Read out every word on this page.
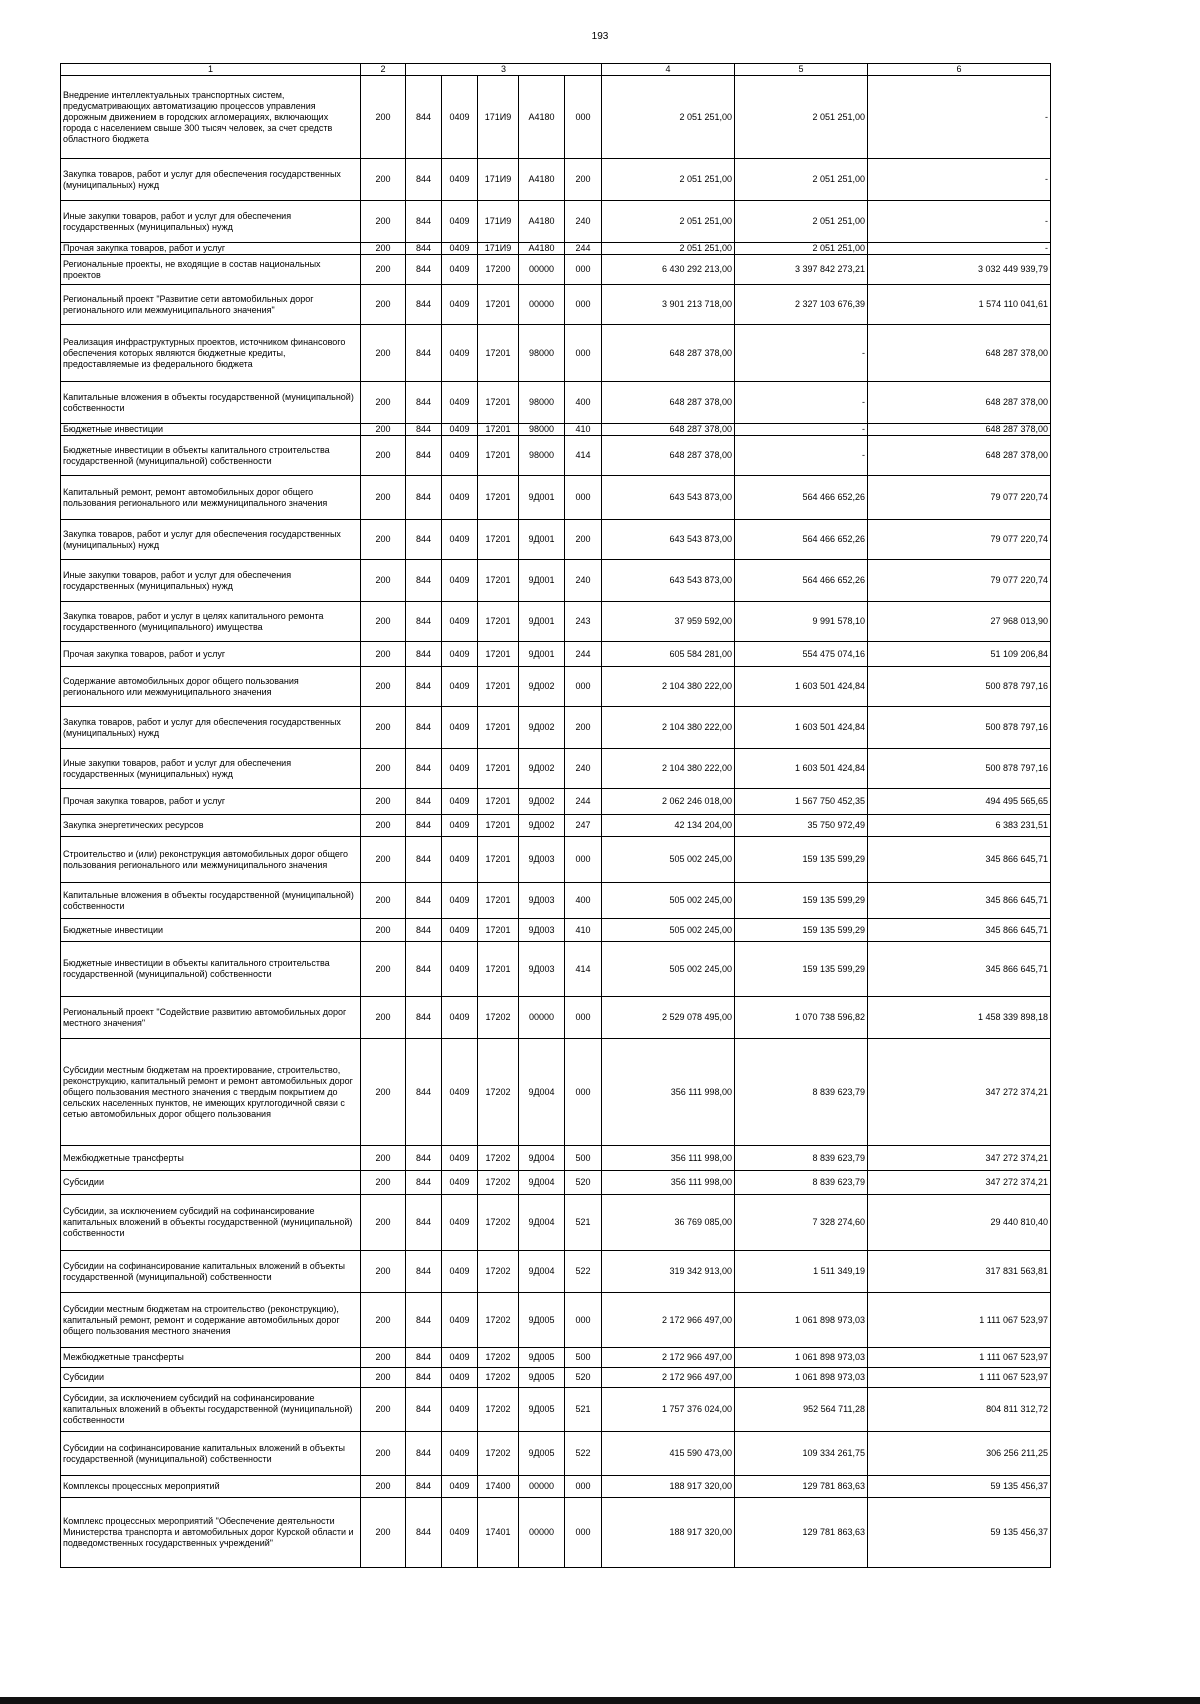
193
1	2	3					4	5	6
Внедрение интеллектуальных транспортных систем, предусматривающих автоматизацию процессов управления дорожным движением в городских агломерациях, включающих города с населением свыше 300 тысяч человек, за счет средств областного бюджета	200	844	0409	171И9	А4180	000	2 051 251,00	2 051 251,00	-
Закупка товаров, работ и услуг для обеспечения государственных (муниципальных) нужд	200	844	0409	171И9	А4180	200	2 051 251,00	2 051 251,00	-
Иные закупки товаров, работ и услуг для обеспечения государственных (муниципальных) нужд	200	844	0409	171И9	А4180	240	2 051 251,00	2 051 251,00	-
Прочая закупка товаров, работ и услуг	200	844	0409	171И9	А4180	244	2 051 251,00	2 051 251,00	-
Региональные проекты, не входящие в состав национальных проектов	200	844	0409	17200	00000	000	6 430 292 213,00	3 397 842 273,21	3 032 449 939,79
Региональный проект "Развитие сети автомобильных дорог регионального или межмуниципального значения"	200	844	0409	17201	00000	000	3 901 213 718,00	2 327 103 676,39	1 574 110 041,61
Реализация инфраструктурных проектов, источником финансового обеспечения которых являются бюджетные кредиты, предоставляемые из федерального бюджета	200	844	0409	17201	98000	000	648 287 378,00	-	648 287 378,00
Капитальные вложения в объекты государственной (муниципальной) собственности	200	844	0409	17201	98000	400	648 287 378,00	-	648 287 378,00
Бюджетные инвестиции	200	844	0409	17201	98000	410	648 287 378,00	-	648 287 378,00
Бюджетные инвестиции в объекты капитального строительства государственной (муниципальной) собственности	200	844	0409	17201	98000	414	648 287 378,00	-	648 287 378,00
Капитальный ремонт, ремонт автомобильных дорог общего пользования регионального или межмуниципального значения	200	844	0409	17201	9Д001	000	643 543 873,00	564 466 652,26	79 077 220,74
Закупка товаров, работ и услуг для обеспечения государственных (муниципальных) нужд	200	844	0409	17201	9Д001	200	643 543 873,00	564 466 652,26	79 077 220,74
Иные закупки товаров, работ и услуг для обеспечения государственных (муниципальных) нужд	200	844	0409	17201	9Д001	240	643 543 873,00	564 466 652,26	79 077 220,74
Закупка товаров, работ и услуг в целях капитального ремонта государственного (муниципального) имущества	200	844	0409	17201	9Д001	243	37 959 592,00	9 991 578,10	27 968 013,90
Прочая закупка товаров, работ и услуг	200	844	0409	17201	9Д001	244	605 584 281,00	554 475 074,16	51 109 206,84
Содержание автомобильных дорог общего пользования регионального или межмуниципального значения	200	844	0409	17201	9Д002	000	2 104 380 222,00	1 603 501 424,84	500 878 797,16
Закупка товаров, работ и услуг для обеспечения государственных (муниципальных) нужд	200	844	0409	17201	9Д002	200	2 104 380 222,00	1 603 501 424,84	500 878 797,16
Иные закупки товаров, работ и услуг для обеспечения государственных (муниципальных) нужд	200	844	0409	17201	9Д002	240	2 104 380 222,00	1 603 501 424,84	500 878 797,16
Прочая закупка товаров, работ и услуг	200	844	0409	17201	9Д002	244	2 062 246 018,00	1 567 750 452,35	494 495 565,65
Закупка энергетических ресурсов	200	844	0409	17201	9Д002	247	42 134 204,00	35 750 972,49	6 383 231,51
Строительство и (или) реконструкция автомобильных дорог общего пользования регионального или межмуниципального значения	200	844	0409	17201	9Д003	000	505 002 245,00	159 135 599,29	345 866 645,71
Капитальные вложения в объекты государственной (муниципальной) собственности	200	844	0409	17201	9Д003	400	505 002 245,00	159 135 599,29	345 866 645,71
Бюджетные инвестиции	200	844	0409	17201	9Д003	410	505 002 245,00	159 135 599,29	345 866 645,71
Бюджетные инвестиции в объекты капитального строительства государственной (муниципальной) собственности	200	844	0409	17201	9Д003	414	505 002 245,00	159 135 599,29	345 866 645,71
Региональный проект "Содействие развитию автомобильных дорог местного значения"	200	844	0409	17202	00000	000	2 529 078 495,00	1 070 738 596,82	1 458 339 898,18
Субсидии местным бюджетам на проектирование, строительство, реконструкцию, капитальный ремонт и ремонт автомобильных дорог общего пользования местного значения с твердым покрытием до сельских населенных пунктов, не имеющих круглогодичной связи с сетью автомобильных дорог общего пользования	200	844	0409	17202	9Д004	000	356 111 998,00	8 839 623,79	347 272 374,21
Межбюджетные трансферты	200	844	0409	17202	9Д004	500	356 111 998,00	8 839 623,79	347 272 374,21
Субсидии	200	844	0409	17202	9Д004	520	356 111 998,00	8 839 623,79	347 272 374,21
Субсидии, за исключением субсидий на софинансирование капитальных вложений в объекты государственной (муниципальной) собственности	200	844	0409	17202	9Д004	521	36 769 085,00	7 328 274,60	29 440 810,40
Субсидии на софинансирование капитальных вложений в объекты государственной (муниципальной) собственности	200	844	0409	17202	9Д004	522	319 342 913,00	1 511 349,19	317 831 563,81
Субсидии местным бюджетам на строительство (реконструкцию), капитальный ремонт, ремонт и содержание автомобильных дорог общего пользования местного значения	200	844	0409	17202	9Д005	000	2 172 966 497,00	1 061 898 973,03	1 111 067 523,97
Межбюджетные трансферты	200	844	0409	17202	9Д005	500	2 172 966 497,00	1 061 898 973,03	1 111 067 523,97
Субсидии	200	844	0409	17202	9Д005	520	2 172 966 497,00	1 061 898 973,03	1 111 067 523,97
Субсидии, за исключением субсидий на софинансирование капитальных вложений в объекты государственной (муниципальной) собственности	200	844	0409	17202	9Д005	521	1 757 376 024,00	952 564 711,28	804 811 312,72
Субсидии на софинансирование капитальных вложений в объекты государственной (муниципальной) собственности	200	844	0409	17202	9Д005	522	415 590 473,00	109 334 261,75	306 256 211,25
Комплексы процессных мероприятий	200	844	0409	17400	00000	000	188 917 320,00	129 781 863,63	59 135 456,37
Комплекс процессных мероприятий "Обеспечение деятельности Министерства транспорта и автомобильных дорог Курской области и подведомственных государственных учреждений"	200	844	0409	17401	00000	000	188 917 320,00	129 781 863,63	59 135 456,37
